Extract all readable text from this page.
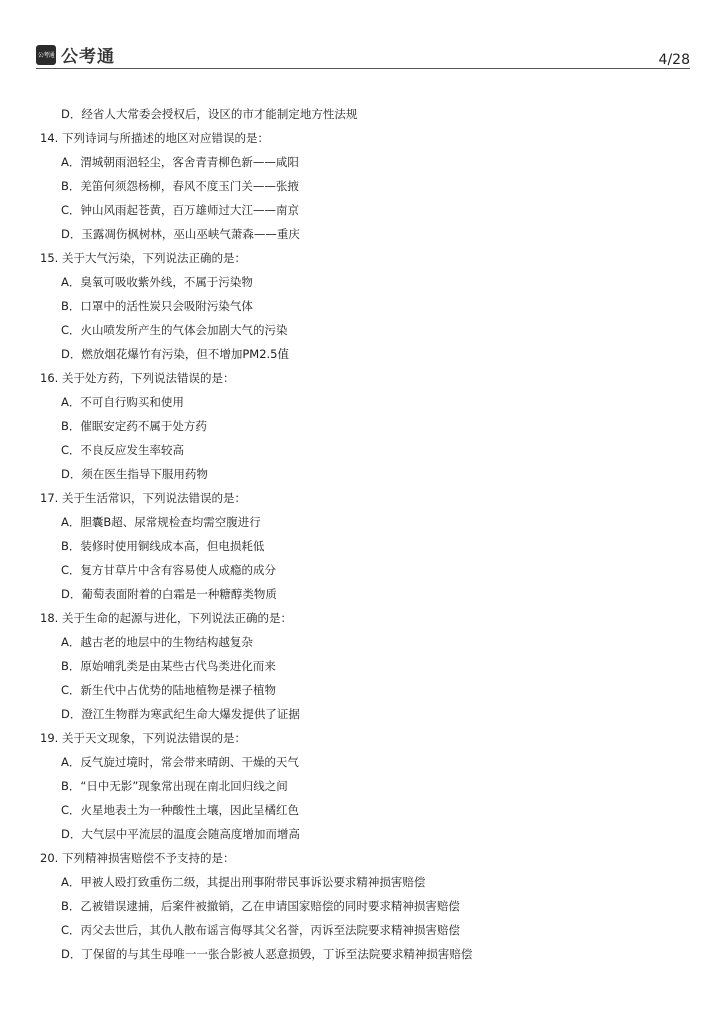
公考通 公考通	4/28
D．经省人大常委会授权后，设区的市才能制定地方性法规
14. 下列诗词与所描述的地区对应错误的是：
A．渭城朝雨浥轻尘，客舍青青柳色新——咸阳
B．羌笛何须怨杨柳，春风不度玉门关——张掖
C．钟山风雨起苍黄，百万雄师过大江——南京
D．玉露凋伤枫树林，巫山巫峡气萧森——重庆
15. 关于大气污染，下列说法正确的是：
A．臭氧可吸收紫外线，不属于污染物
B．口罩中的活性炭只会吸附污染气体
C．火山喷发所产生的气体会加剧大气的污染
D．燃放烟花爆竹有污染，但不增加PM2.5值
16. 关于处方药，下列说法错误的是：
A．不可自行购买和使用
B．催眠安定药不属于处方药
C．不良反应发生率较高
D．须在医生指导下服用药物
17. 关于生活常识，下列说法错误的是：
A．胆囊B超、尿常规检查均需空腹进行
B．装修时使用铜线成本高，但电损耗低
C．复方甘草片中含有容易使人成瘾的成分
D．葡萄表面附着的白霜是一种糖醇类物质
18. 关于生命的起源与进化，下列说法正确的是：
A．越古老的地层中的生物结构越复杂
B．原始哺乳类是由某些古代鸟类进化而来
C．新生代中占优势的陆地植物是裸子植物
D．澄江生物群为寒武纪生命大爆发提供了证据
19. 关于天文现象，下列说法错误的是：
A．反气旋过境时，常会带来晴朗、干燥的天气
B．“日中无影”现象常出现在南北回归线之间
C．火星地表土为一种酸性土壤，因此呈橘红色
D．大气层中平流层的温度会随高度增加而增高
20. 下列精神损害赔偿不予支持的是：
A．甲被人殴打致重伤二级，其提出刑事附带民事诉讼要求精神损害赔偿
B．乙被错误逮捕，后案件被撤销，乙在申请国家赔偿的同时要求精神损害赔偿
C．丙父去世后，其仇人散布谣言侮辱其父名誉，丙诉至法院要求精神损害赔偿
D．丁保留的与其生母唯一一张合影被人恶意损毁，丁诉至法院要求精神损害赔偿
